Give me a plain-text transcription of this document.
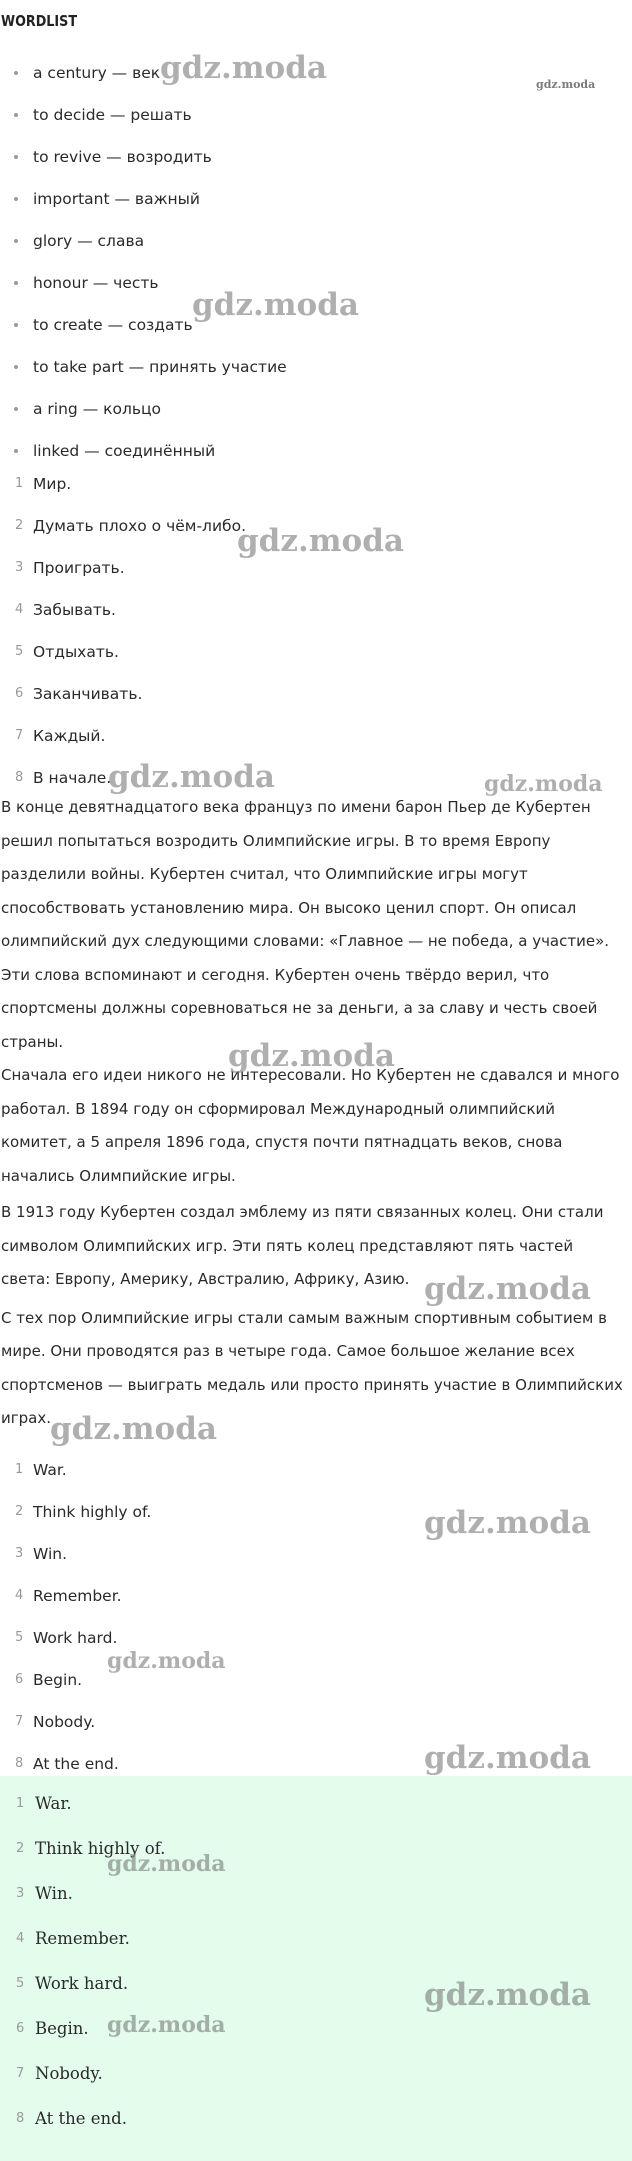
WORDLIST
a century — век
to decide — решать
to revive — возродить
important — важный
glory — слава
honour — честь
to create — создать
to take part — принять участие
a ring — кольцо
linked — соединённый
1 Мир.
2 Думать плохо о чём-либо.
3 Проиграть.
4 Забывать.
5 Отдыхать.
6 Заканчивать.
7 Каждый.
8 В начале.

В конце девятнадцатого века француз по имени барон Пьер де Кубертен решил попытаться возродить Олимпийские игры. В то время Европу разделили войны. Кубертен считал, что Олимпийские игры могут способствовать установлению мира. Он высоко ценил спорт. Он описал олимпийский дух следующими словами: «Главное — не победа, а участие». Эти слова вспоминают и сегодня. Кубертен очень твёрдо верил, что спортсмены должны соревноваться не за деньги, а за славу и честь своей страны.

Сначала его идеи никого не интересовали. Но Кубертен не сдавался и много работал. В 1894 году он сформировал Международный олимпийский комитет, а 5 апреля 1896 года, спустя почти пятнадцать веков, снова начались Олимпийские игры.

В 1913 году Кубертен создал эмблему из пяти связанных колец. Они стали символом Олимпийских игр. Эти пять колец представляют пять частей света: Европу, Америку, Австралию, Африку, Азию.

С тех пор Олимпийские игры стали самым важным спортивным событием в мире. Они проводятся раз в четыре года. Самое большое желание всех спортсменов — выиграть медаль или просто принять участие в Олимпийских играх.

1 War.
2 Think highly of.
3 Win.
4 Remember.
5 Work hard.
6 Begin.
7 Nobody.
8 At the end.
1 War.
2 Think highly of.
3 Win.
4 Remember.
5 Work hard.
6 Begin.
7 Nobody.
8 At the end.
gdz.moda	gdz.moda
gdz.moda
gdz.moda
gdz.moda	gdz.moda
gdz.moda
gdz.moda
gdz.moda
gdz.moda
gdz.moda
gdz.moda
gdz.moda
gdz.moda
gdz.moda
